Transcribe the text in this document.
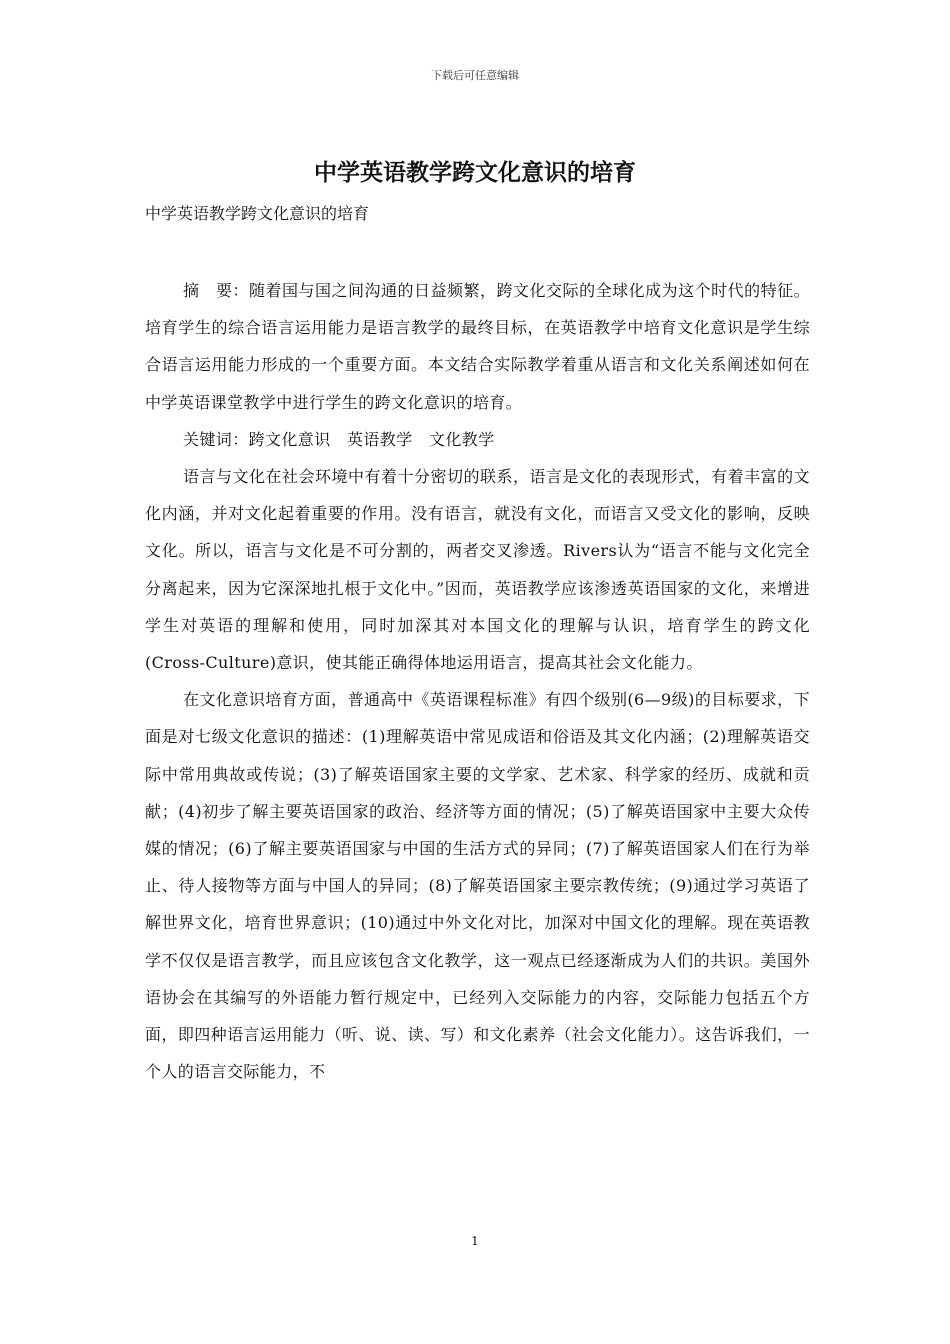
下载后可任意编辑
中学英语教学跨文化意识的培育
中学英语教学跨文化意识的培育

摘　要：随着国与国之间沟通的日益频繁，跨文化交际的全球化成为这个时代的特征。培育学生的综合语言运用能力是语言教学的最终目标，在英语教学中培育文化意识是学生综合语言运用能力形成的一个重要方面。本文结合实际教学着重从语言和文化关系阐述如何在中学英语课堂教学中进行学生的跨文化意识的培育。

关键词：跨文化意识　英语教学　文化教学

语言与文化在社会环境中有着十分密切的联系，语言是文化的表现形式，有着丰富的文化内涵，并对文化起着重要的作用。没有语言，就没有文化，而语言又受文化的影响，反映文化。所以，语言与文化是不可分割的，两者交叉渗透。Rivers认为“语言不能与文化完全分离起来，因为它深深地扎根于文化中。”因而，英语教学应该渗透英语国家的文化，来增进学生对英语的理解和使用，同时加深其对本国文化的理解与认识，培育学生的跨文化(Cross-Culture)意识，使其能正确得体地运用语言，提高其社会文化能力。

在文化意识培育方面，普通高中《英语课程标准》有四个级别(6—9级)的目标要求，下面是对七级文化意识的描述：(1)理解英语中常见成语和俗语及其文化内涵；(2)理解英语交际中常用典故或传说；(3)了解英语国家主要的文学家、艺术家、科学家的经历、成就和贡献；(4)初步了解主要英语国家的政治、经济等方面的情况；(5)了解英语国家中主要大众传媒的情况；(6)了解主要英语国家与中国的生活方式的异同；(7)了解英语国家人们在行为举止、待人接物等方面与中国人的异同；(8)了解英语国家主要宗教传统；(9)通过学习英语了解世界文化，培育世界意识；(10)通过中外文化对比，加深对中国文化的理解。现在英语教学不仅仅是语言教学，而且应该包含文化教学，这一观点已经逐渐成为人们的共识。美国外语协会在其编写的外语能力暂行规定中，已经列入交际能力的内容，交际能力包括五个方面，即四种语言运用能力（听、说、读、写）和文化素养（社会文化能力）。这告诉我们，一个人的语言交际能力，不

1
